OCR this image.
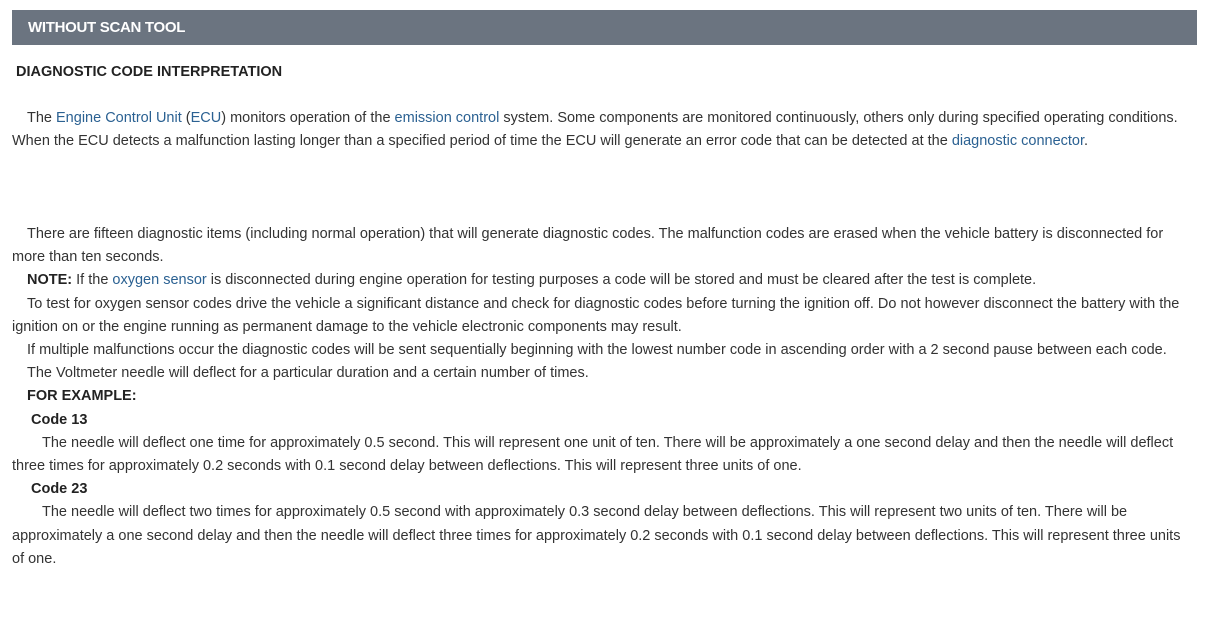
WITHOUT SCAN TOOL
DIAGNOSTIC CODE INTERPRETATION

The Engine Control Unit (ECU) monitors operation of the emission control system. Some components are monitored continuously, others only during specified operating conditions. When the ECU detects a malfunction lasting longer than a specified period of time the ECU will generate an error code that can be detected at the diagnostic connector.

There are fifteen diagnostic items (including normal operation) that will generate diagnostic codes. The malfunction codes are erased when the vehicle battery is disconnected for more than ten seconds.

NOTE: If the oxygen sensor is disconnected during engine operation for testing purposes a code will be stored and must be cleared after the test is complete.

To test for oxygen sensor codes drive the vehicle a significant distance and check for diagnostic codes before turning the ignition off. Do not however disconnect the battery with the ignition on or the engine running as permanent damage to the vehicle electronic components may result.

If multiple malfunctions occur the diagnostic codes will be sent sequentially beginning with the lowest number code in ascending order with a 2 second pause between each code.

The Voltmeter needle will deflect for a particular duration and a certain number of times.

FOR EXAMPLE:

Code 13

The needle will deflect one time for approximately 0.5 second. This will represent one unit of ten. There will be approximately a one second delay and then the needle will deflect three times for approximately 0.2 seconds with 0.1 second delay between deflections. This will represent three units of one.

Code 23

The needle will deflect two times for approximately 0.5 second with approximately 0.3 second delay between deflections. This will represent two units of ten. There will be approximately a one second delay and then the needle will deflect three times for approximately 0.2 seconds with 0.1 second delay between deflections. This will represent three units of one.
